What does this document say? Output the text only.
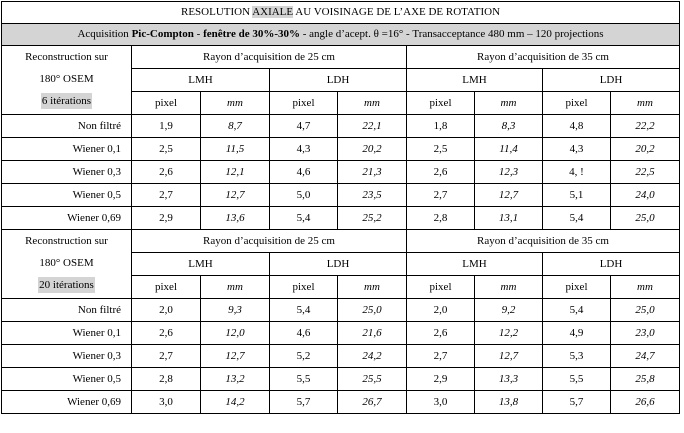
RESOLUTION AXIALE AU VOISINAGE DE L’AXE DE ROTATION								
Acquisition Pic-Compton - fenêtre de 30%-30% - angle d’acept. θ =16° - Transacceptance 480 mm – 120 projections								

Reconstruction sur
180° OSEM
6 itérations	Rayon d’acquisition de 25 cm				Rayon d’acquisition de 35 cm			
	LMH		LDH		LMH		LDH	
	pixel	mm	pixel	mm	pixel	mm	pixel	mm
Non filtré	1,9	8,7	4,7	22,1	1,8	8,3	4,8	22,2
Wiener 0,1	2,5	11,5	4,3	20,2	2,5	11,4	4,3	20,2
Wiener 0,3	2,6	12,1	4,6	21,3	2,6	12,3	4, !	22,5
Wiener 0,5	2,7	12,7	5,0	23,5	2,7	12,7	5,1	24,0
Wiener 0,69	2,9	13,6	5,4	25,2	2,8	13,1	5,4	25,0

Reconstruction sur
180° OSEM
20 itérations	Rayon d’acquisition de 25 cm				Rayon d’acquisition de 35 cm			
	LMH		LDH		LMH		LDH	
	pixel	mm	pixel	mm	pixel	mm	pixel	mm
Non filtré	2,0	9,3	5,4	25,0	2,0	9,2	5,4	25,0
Wiener 0,1	2,6	12,0	4,6	21,6	2,6	12,2	4,9	23,0
Wiener 0,3	2,7	12,7	5,2	24,2	2,7	12,7	5,3	24,7
Wiener 0,5	2,8	13,2	5,5	25,5	2,9	13,3	5,5	25,8
Wiener 0,69	3,0	14,2	5,7	26,7	3,0	13,8	5,7	26,6
